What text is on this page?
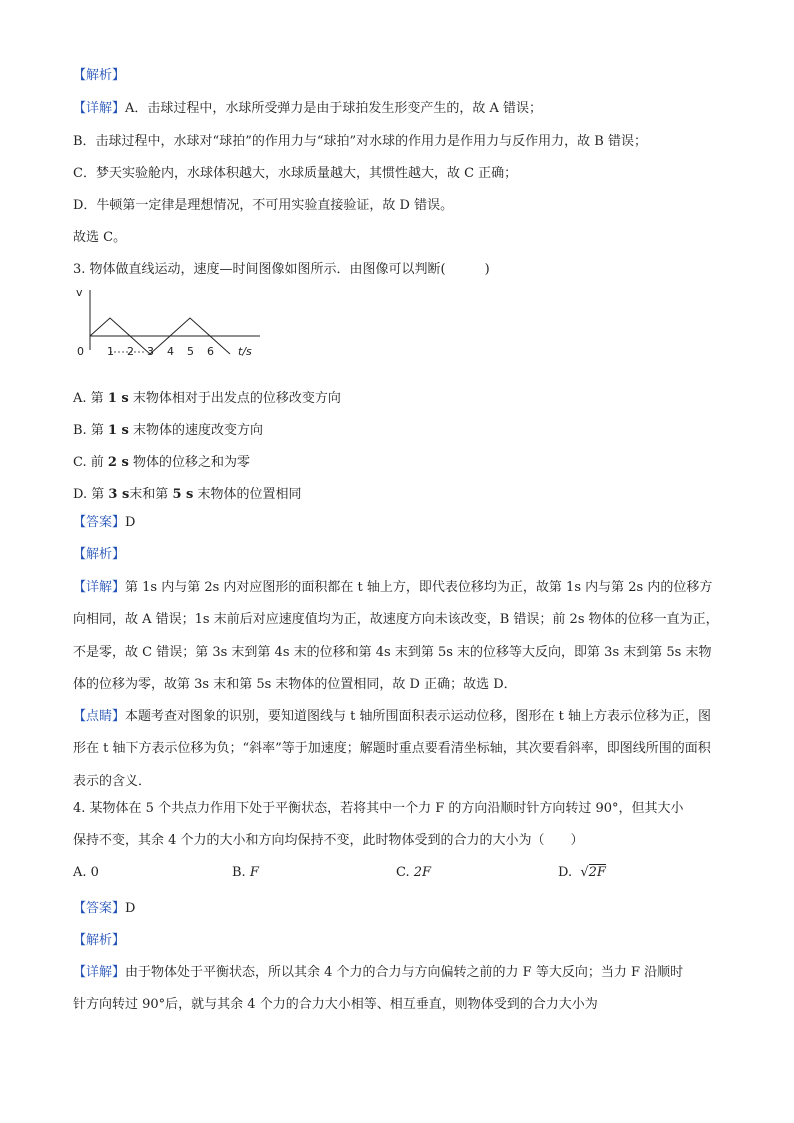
【解析】
【详解】A．击球过程中，水球所受弹力是由于球拍发生形变产生的，故 A 错误；
B．击球过程中，水球对“球拍”的作用力与“球拍”对水球的作用力是作用力与反作用力，故 B 错误；
C．梦天实验舱内，水球体积越大，水球质量越大，其惯性越大，故 C 正确；
D．牛顿第一定律是理想情况，不可用实验直接验证，故 D 错误。
故选 C。
3. 物体做直线运动，速度—时间图像如图所示．由图像可以判断(　　　)
v
0 1 2 3 4 5 6 t/s
A. 第 1 s 末物体相对于出发点的位移改变方向
B. 第 1 s 末物体的速度改变方向
C. 前 2 s 物体的位移之和为零
D. 第 3 s末和第 5 s 末物体的位置相同
【答案】D
【解析】
【详解】第 1s 内与第 2s 内对应图形的面积都在 t 轴上方，即代表位移均为正，故第 1s 内与第 2s 内的位移方向相同，故 A 错误；1s 末前后对应速度值均为正，故速度方向未该改变，B 错误；前 2s 物体的位移一直为正，不是零，故 C 错误；第 3s 末到第 4s 末的位移和第 4s 末到第 5s 末的位移等大反向，即第 3s 末到第 5s 末物体的位移为零，故第 3s 末和第 5s 末物体的位置相同，故 D 正确；故选 D．
【点睛】本题考查对图象的识别，要知道图线与 t 轴所围面积表示运动位移，图形在 t 轴上方表示位移为正，图形在 t 轴下方表示位移为负；“斜率”等于加速度；解题时重点要看清坐标轴，其次要看斜率，即图线所围的面积表示的含义．
4. 某物体在 5 个共点力作用下处于平衡状态，若将其中一个力 F 的方向沿顺时针方向转过 90°，但其大小
保持不变，其余 4 个力的大小和方向均保持不变，此时物体受到的合力的大小为（　　）
A. 0	B. F	C. 2F	D. √2F
【答案】D
【解析】
【详解】由于物体处于平衡状态，所以其余 4 个力的合力与方向偏转之前的力 F 等大反向；当力 F 沿顺时
针方向转过 90°后，就与其余 4 个力的合力大小相等、相互垂直，则物体受到的合力大小为
